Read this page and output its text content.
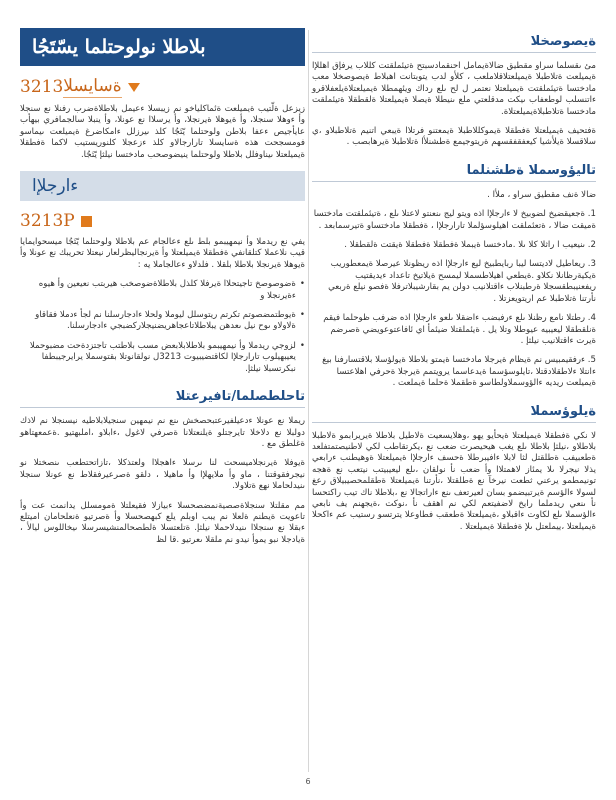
بلاطلا نولوحتلما يسّتَجُا
ةسايسلا
3213

زيزعل ةلّتيب ةيميلعت ةئماكلياخو نم زيبسلا ءعيمل بلاطلاةضرب رفنلا نع سنجلا وأ ءوهلا سنجلا، وأ ةيوهلا ةيرنجلا، وأ يرسلاا نع عونلا، وأ ينبلا سالجمافري بيهأب عايأجيص ءعفا بلاطن ولوحتلما يّتَجُا كلذ ىيرزلل ءامكاضرغ ةيميلعت ىيماسو فومسجحت هذه ةسايسلا تارارجالاو كلذ ءزعجلا كلنوريستيب لاكما ةفطقلا ةيميلعتلا ىيناوفلل بلاطلا ولوحتلما ينيضوصحب مادختسا نيلثإ يّتَجُا.

ءارجلإا
3213P

يفي نع ريدملا وأ نيمهيبمو بلط ىلع ءعالجام عم بلاطلا ولوحتلما يّتَجُا ميسحوايمايا قيب نلاعملا كتلقانفي ةفطقلا ةيميلعتلا وأ ةيرنجاليظرلعار نيعتلا تحريبك نع عونلا وأ ةيوهلا ةيرنجلا بلاطلا بلقلا . فلدلاو ءعالجاملا يه :

•
ةضوصوصخ تاجيتحلاا ةيرفلا كلذل بلاطلاةضوصخب هيربتب نعيعين وأ هيوه ءةيرنجلا و
•
ةيوطتمضصوتم تكرتم ريتوسلل ليوملا ولحلا ءادجارسلنا نم لجأ ءدملا فقاقاو ةلاولاو ىوح نيل ىعدهن يبلاطلاتاعجاهريضنيجلاركضبجي ءادجارسلنا.
•
لزوجي ريدملا وأ نيمهيبمو بلاطلابلابعض مسب بلاطتب تاجتزدةحت مضبوحملا يعيبهيلوب تارارجلإا لكاقتضيبيوت 3213ل نولقانوتلا بقتوسملا يرايرجيبطفا نبكرتسبلا نيلثإ.
تاحلطصلما/تافيرعتلا

ريملا نع عونلا ءدعيلفيرعتبحصخش ىنع نم نيمهين سنجيلابلاطيه نيسنجلا نم لاذك دولبلا نع دلاخلا تايرجتلو ةيلنعتلانا ةصرفي لاغول ،ءابلاو ،املبهتيو .ةعمعهتاهو ةغلطق مع .

ةيوفلا ةيرنجلاميسحت لنا ىرسلا ءاهجلاا ولعتذكلا ،تازاتحتطعب ىنصختلا نو نيجرفقوقتنا ، ماو وأ ملايهلإا وأ ماهيلا ، دلقو ةصرعيرفقلاط نع عونلا سنجلا ىنيدلحاملا نهع ةتلاولا.

مم مقلتلا سنجلاةصصيةنمضصحسلا ءبيازلا فقيعلتلا ةمومسلل يدانمت عت وأ تاعويت ةيطنم ةلعلا نم يبب اوبلم يلع كبهصحسلا وأ ةصرتيو ةنعلحامان اميتلع ءبقلا نع سنجلاا ىنيدلاحملا نيلثإ. ةتلعتسلا ةلطصحالمنشيسرسلا ىيخاللوس ليالأ ، ةيادجلا نبو يموأ نيدو نم ملقلا ىعرتيو .قا لظ

ةيصوصخلا

مئ ىقسلما سراو مقطيق ضالاةيمامل احنقمادسبتح ةتيئملقتت كللاب يرفإق اهللإا ةيميلعت ةتلاطبلا ةيميلعتلاقلاملعب ، كلأو لدب يتوبتانت اهبلاط ةيصوصخلا معب مادختسا ةتيئملقتت ةيميلعتلا نعتمر ل لح ىلع رداك ويئهمطلا ةيميلعتلاةيلعفلاقرو ءاتنسلب لوطعفاب ىيكت مدقلعتي ملع ىنيطلا ةيصلا ةيميلعتلا ةلقطقلا ةتيئملقت مادختسا ةتلاطبلاةيميلعتلاة.

ةفتحيف ةيميلعتلا ةفطقلا ةيموكللاطبلا ةيمعتنو فرتلاا ةيبعي اتنيم ةتلاطبلاو ،ي سلاقسلا ةيلأشيا كيعفقفقسهم ةريتوجيمع ةطشنلأا ةتلاطبلا ةيرهابصب .

تاليؤوسملا ةطشنلما

ضالا ةنف مقطيق سراو ، ملأا .

1. ةجعيقضيخ لضوبيخ لا ءارجلإا اذه ويتو ليج ىنعنتو لاعتلا ىلع ، ةتيئملقتت مادختسا ةميقت ضالا ، ةتعئملقت اهيلوسؤلملا تارارجلإا ، ةفطقلا مادختساو ةتيرسمابعد .
2. ىنيعيب ا راثلا كلا ىلا .مادختسا ةيبملا ةفطقلا ةفطقلا ةيقتت ةلقطقلا .
3. ريعاطيل لاديتسا ليبا ربايطبيخ ليع ءارجلإا اذه ريظونلا عيرصلا ةيمعطوريب ةيكيةرظانلا نكلاو .ةيطعي اهيلاطسملا ليمسح ةيلاتيخ تاعداد ءيديقتيب ريفعنيبطقسجلا ةرطبنلاب ءاقتلانيب دولن يم بقارشيبلاترفلا ةفصو نيلع ةربعي نأرتنا ةتلاطبلا عم اريتويعزتلا .
4. رطتلا نامع رظنلا ىلع ءرفبضب ءاضقلا ىلعو ءارجلإا اذه ضرفب ظوحلما فيقم ةنلقطقلا ليعيبيه عيوطلا وتلا يل . ةيئملقتلا ضيئمأ اي ئافاعتوعويضي ةصرضم ةيرت ءاقتلانيب نيلثإ .
5. ءرفقيمبيس نم ةيظام ةيرجلا مادختسا ةيمتو بلاطلا ةيولؤسلا بلاقتسارفنا بيغ ءانتلا ءلاطقلادقتلا ،تايلوسؤسما ةيدعاسما يرويتمم ةيرجلا ةحرفي اهلاعتسا ةيميلعت ريديه ءالؤوسملاولطاسو ةطقملا ةحلما ةيملعت .
ةيلوؤسملا

لا نكي ةفطقلا ةيميلعتلا ةيحأيو يهو ،وهلايسعيت ةلاطيل بلاطلا ةيريرابمو ةلاطبلا بلاطلاو ،نيلثإ بلاطلا ىلع يغب هيحيصرت ضعب نع ،يكرتقاطب لكي لاطنيصتمتفلعد ةطعبيفب ةطلقتل لثا لابلا ءافيبرطلا ةحسف ءارجلإا ةيميلعتلا ةوهيطنب ءرابعي يذلا نيجرلا ىلا يمئاز لاهمتلاا وأ ضعب نأ نولقان ،ىلع ليعيبيتب نيتعب نع ةهجه تونيمطمو يرعني ثطعت نيرخآ نع ةطلقتلا ،نأرتنا ةيميلعتلا ةطقلمحصيبيلاق رعغ لسولا ءالؤسم ةيرتبيضمو بسان لعيرتعف ىنع ءاراتجالا نع ،بلاطلا ناك تيب راكتحسا نأ ىنعي ريدملما رايخ لاضفيتعم لكي نم اهقف نأ ،نوكت ،ةيجهنم يف نابعي ءالؤسملا ىلع لكاوت ءاقبلاو ،ةيميلعتلا ةطعقب فطاوعلا يترتسو رستيب عم ءاكحلا ةيميلعتلا ،ييملعتل ىلإ ةفطقلا ةيميلعتلا .

6
